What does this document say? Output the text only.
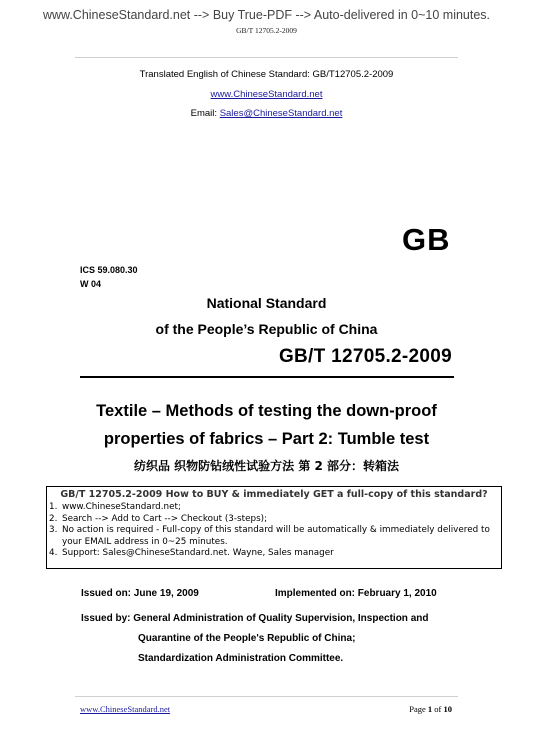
www.ChineseStandard.net --> Buy True-PDF --> Auto-delivered in 0~10 minutes.
GB/T 12705.2-2009
Translated English of Chinese Standard: GB/T12705.2-2009
www.ChineseStandard.net
Email: Sales@ChineseStandard.net
GB
ICS 59.080.30
W 04
National Standard
of the People’s Republic of China
GB/T 12705.2-2009
Textile – Methods of testing the down-proof
properties of fabrics – Part 2: Tumble test
纺织品 织物防钻绒性试验方法 第 2 部分：转箱法
GB/T 12705.2-2009 How to BUY & immediately GET a full-copy of this standard?
1. www.ChineseStandard.net;
2. Search --> Add to Cart --> Checkout (3-steps);
3. No action is required - Full-copy of this standard will be automatically & immediately delivered to your EMAIL address in 0~25 minutes.
4. Support: Sales@ChineseStandard.net. Wayne, Sales manager
Issued on: June 19, 2009	Implemented on: February 1, 2010
Issued by: General Administration of Quality Supervision, Inspection and
Quarantine of the People's Republic of China;
Standardization Administration Committee.
www.ChineseStandard.net	Page 1 of 10
